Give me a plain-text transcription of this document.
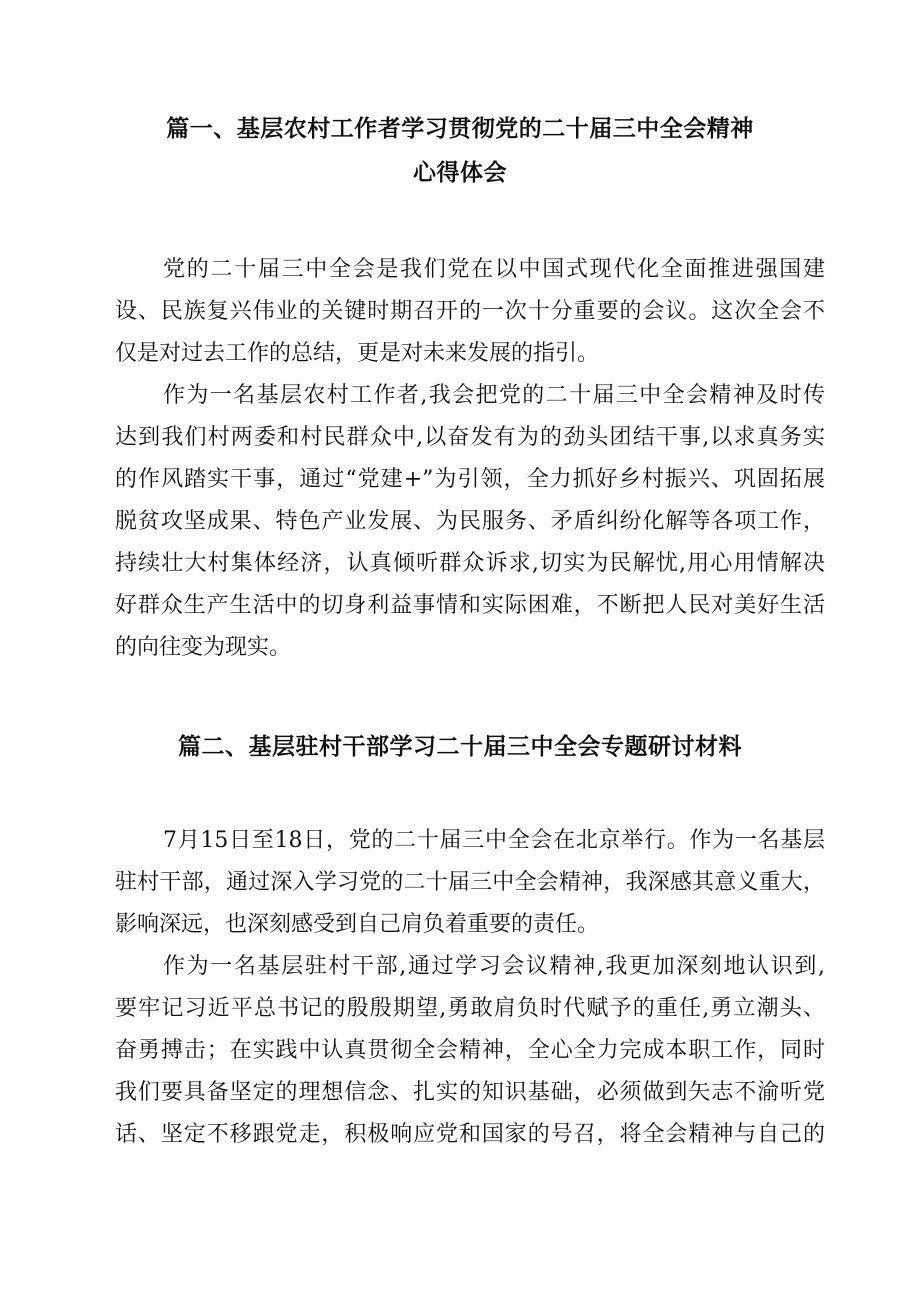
篇一、基层农村工作者学习贯彻党的二十届三中全会精神
心得体会
党的二十届三中全会是我们党在以中国式现代化全面推进强国建
设、民族复兴伟业的关键时期召开的一次十分重要的会议。这次全会不
仅是对过去工作的总结，更是对未来发展的指引。
作为一名基层农村工作者,我会把党的二十届三中全会精神及时传
达到我们村两委和村民群众中,以奋发有为的劲头团结干事,以求真务实
的作风踏实干事，通过“党建+”为引领，全力抓好乡村振兴、巩固拓展
脱贫攻坚成果、特色产业发展、为民服务、矛盾纠纷化解等各项工作，
持续壮大村集体经济，认真倾听群众诉求,切实为民解忧,用心用情解决
好群众生产生活中的切身利益事情和实际困难，不断把人民对美好生活
的向往变为现实。
篇二、基层驻村干部学习二十届三中全会专题研讨材料
7月15日至18日，党的二十届三中全会在北京举行。作为一名基层
驻村干部，通过深入学习党的二十届三中全会精神，我深感其意义重大，
影响深远，也深刻感受到自己肩负着重要的责任。
作为一名基层驻村干部,通过学习会议精神,我更加深刻地认识到,
要牢记习近平总书记的殷殷期望,勇敢肩负时代赋予的重任,勇立潮头、
奋勇搏击；在实践中认真贯彻全会精神，全心全力完成本职工作，同时
我们要具备坚定的理想信念、扎实的知识基础，必须做到矢志不渝听党
话、坚定不移跟党走，积极响应党和国家的号召，将全会精神与自己的
